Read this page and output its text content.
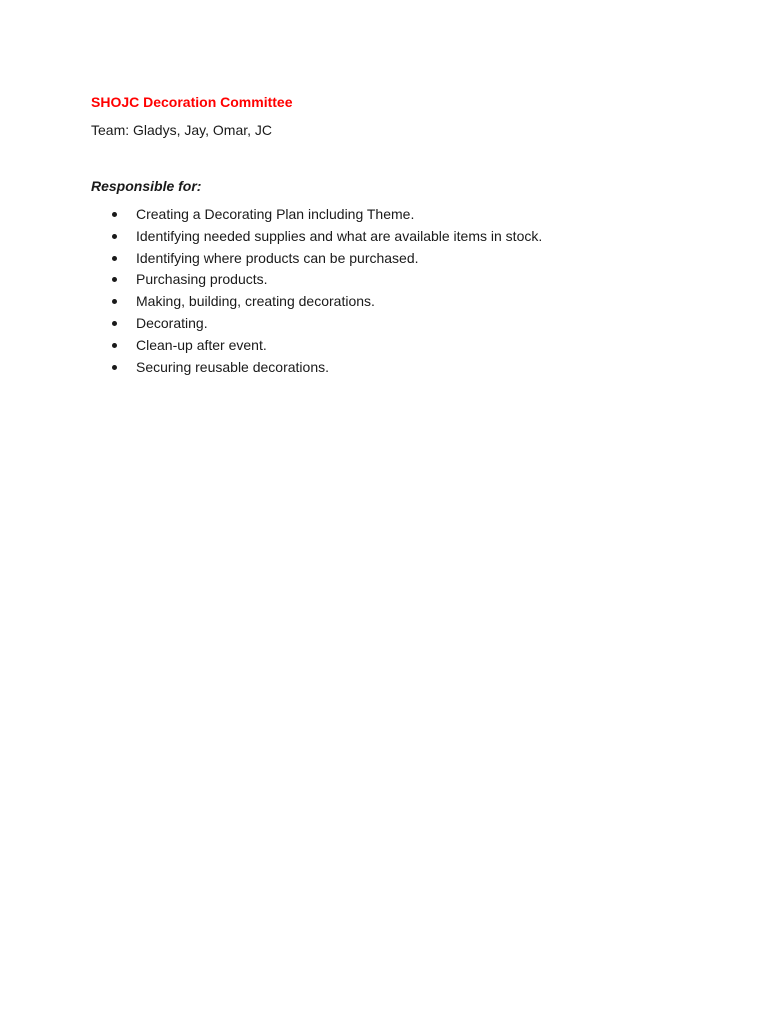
SHOJC Decoration Committee

Team: Gladys, Jay, Omar, JC

Responsible for:

Creating a Decorating Plan including Theme.
Identifying needed supplies and what are available items in stock.
Identifying where products can be purchased.
Purchasing products.
Making, building, creating decorations.
Decorating.
Clean-up after event.
Securing reusable decorations.
